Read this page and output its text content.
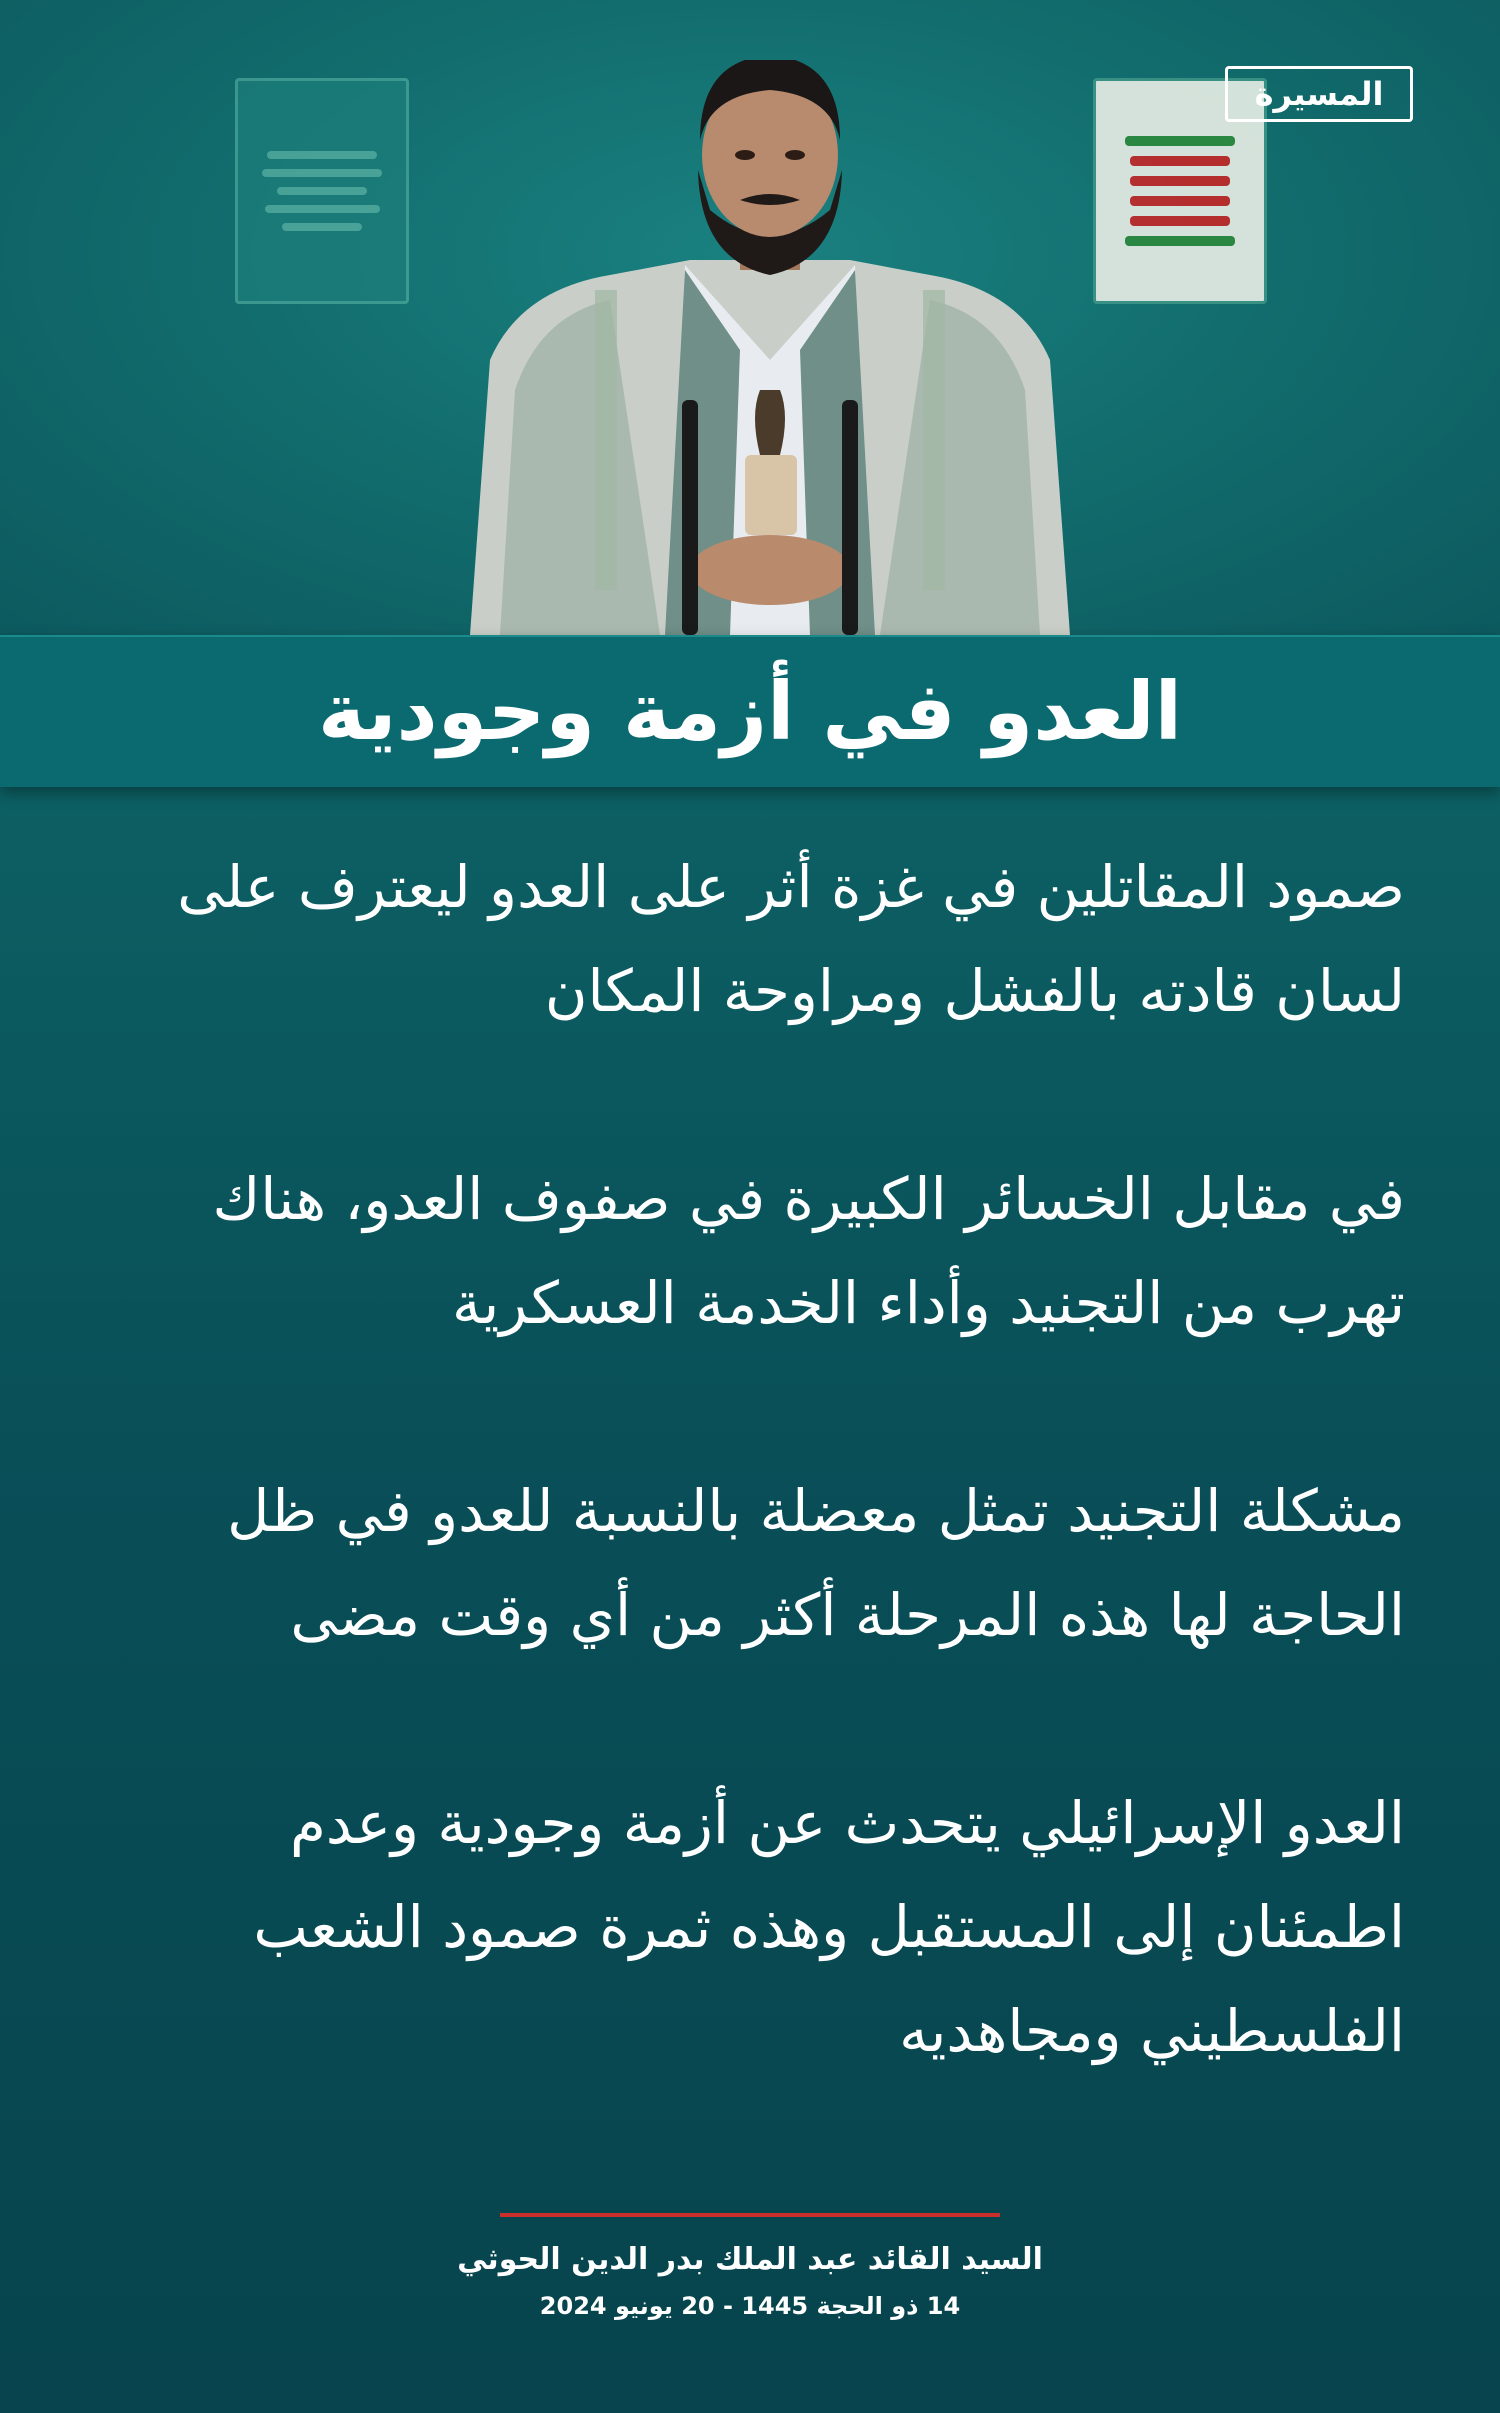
المسيرة
العدو في أزمة وجودية

صمود المقاتلين في غزة أثر على العدو ليعترف على لسان قادته بالفشل ومراوحة المكان

في مقابل الخسائر الكبيرة في صفوف العدو، هناك تهرب من التجنيد وأداء الخدمة العسكرية

مشكلة التجنيد تمثل معضلة بالنسبة للعدو في ظل الحاجة لها هذه المرحلة أكثر من أي وقت مضى

العدو الإسرائيلي يتحدث عن أزمة وجودية وعدم اطمئنان إلى المستقبل وهذه ثمرة صمود الشعب الفلسطيني ومجاهديه

السيد القائد عبد الملك بدر الدين الحوثي
14 ذو الحجة 1445 - 20 يونيو 2024
